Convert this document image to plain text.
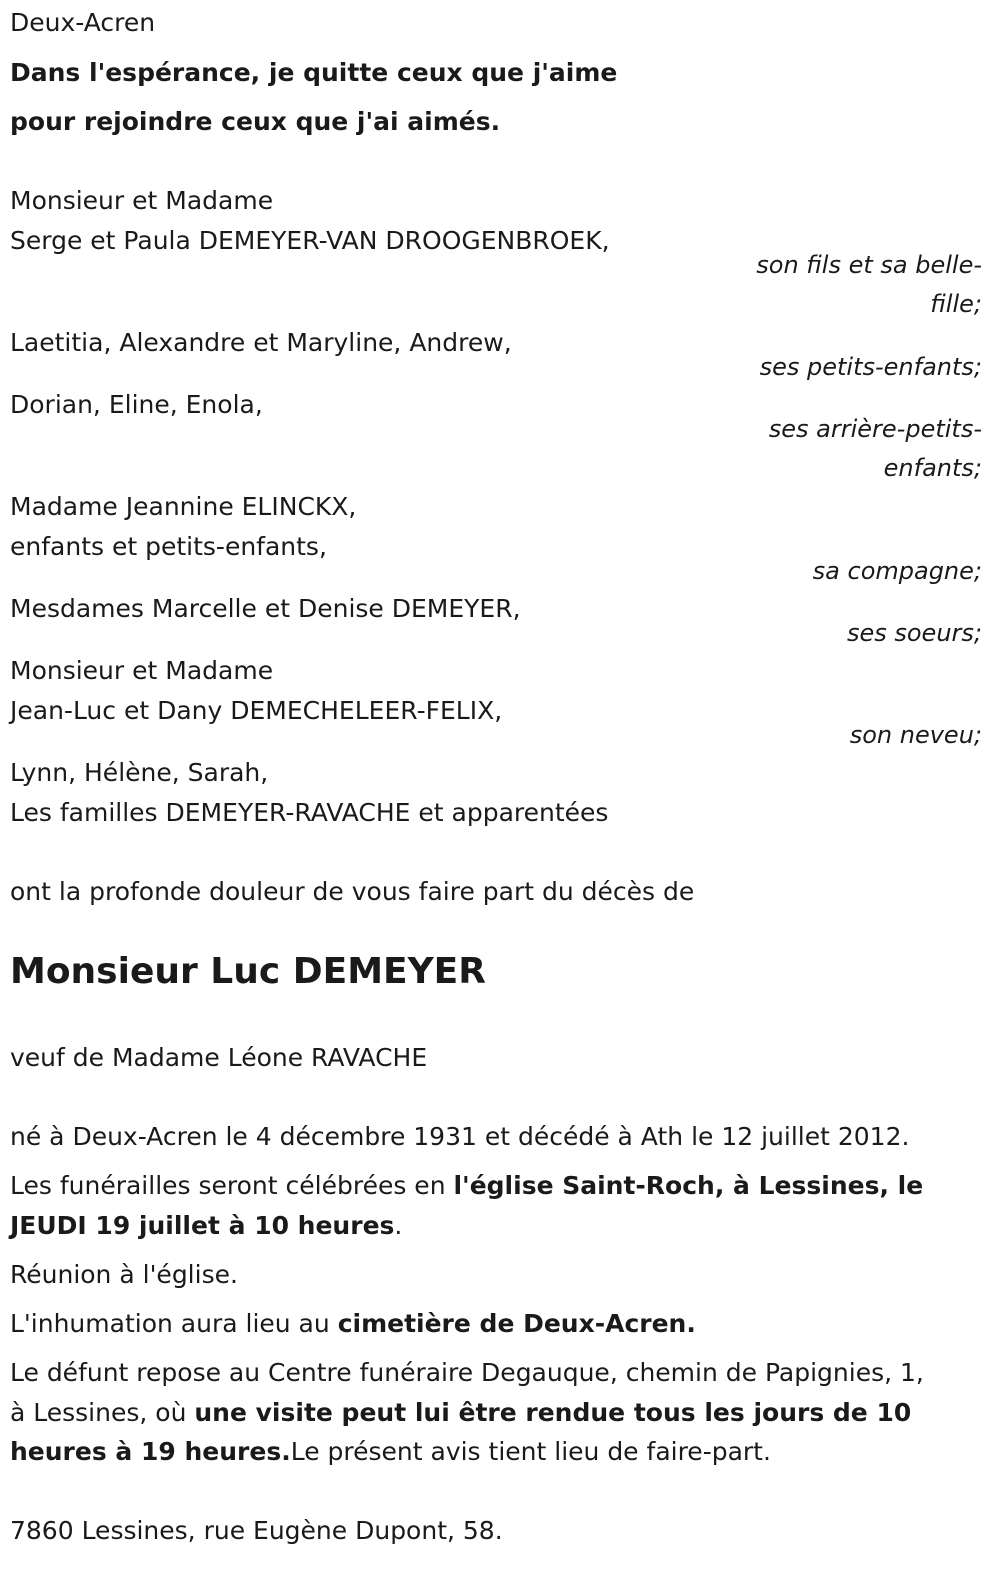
Deux-Acren
Dans l'espérance, je quitte ceux que j'aime
pour rejoindre ceux que j'ai aimés.
Monsieur et Madame
Serge et Paula DEMEYER-VAN DROOGENBROEK,
son fils et sa belle-
fille;
Laetitia, Alexandre et Maryline, Andrew,
ses petits-enfants;
Dorian, Eline, Enola,
ses arrière-petits-
enfants;
Madame Jeannine ELINCKX,
enfants et petits-enfants,
sa compagne;
Mesdames Marcelle et Denise DEMEYER,
ses soeurs;
Monsieur et Madame
Jean-Luc et Dany DEMECHELEER-FELIX,
son neveu;
Lynn, Hélène, Sarah,
Les familles DEMEYER-RAVACHE et apparentées
ont la profonde douleur de vous faire part du décès de
Monsieur Luc DEMEYER
veuf de Madame Léone RAVACHE
né à Deux-Acren le 4 décembre 1931 et décédé à Ath le 12 juillet 2012.
Les funérailles seront célébrées en l'église Saint-Roch, à Lessines, le
JEUDI 19 juillet à 10 heures.
Réunion à l'église.
L'inhumation aura lieu au cimetière de Deux-Acren.
Le défunt repose au Centre funéraire Degauque, chemin de Papignies, 1,
à Lessines, où une visite peut lui être rendue tous les jours de 10
heures à 19 heures.Le présent avis tient lieu de faire-part.
7860 Lessines, rue Eugène Dupont, 58.
